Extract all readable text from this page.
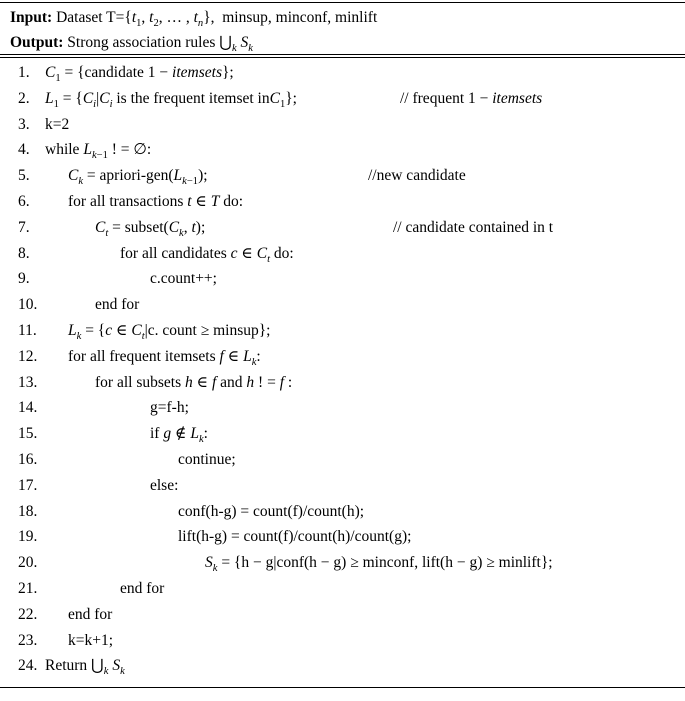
Input: Dataset $T=\{t_1$, $t_2$, … , $t_n$},  minsup, minconf, minlift
Output: Strong association rules $⋃_k$ $S_k$
1. $C_1$ = {candidate 1 − itemsets};
2. $L_1 = \{C_i|C_i$ is the frequent itemset inC$_1$};	// frequent 1 − itemsets
3. k=2
4. while $L_{k-1}$ ! = ∅:
5. $C_k$ = apriori-$gen(L_{k-1})$;	//new candidate
6. for all transactions t ∈ T do:
7.	$C_t$ = $subset(C_k$, t);	// candidate contained in t
8.	for all candidates c ∈ $C_t$ do:
9.	c.count++;
10.	end for
11. $L_k = \{c$ ∈ $C_t|c$. count ≥ minsup};
12. for all frequent itemsets f ∈ $L_k$:
13.	for all subsets h ∈ f and h ! = f :
14.	g=f-h;
15.	if g ∉ $L_k$:
16.	continue;
17.	else:
18.	conf(h-g) = count(f)/count(h);
19.	lift(h-g) = count(f)/count(h)/count(g);
20.	$S_k = \{h$ − g|conf(h − g) ≥ minconf, lift(h − g) ≥ minlift};
21.	end for
22. end for
23. k=k+1;
24. Return $⋃_k$ $S_k$
